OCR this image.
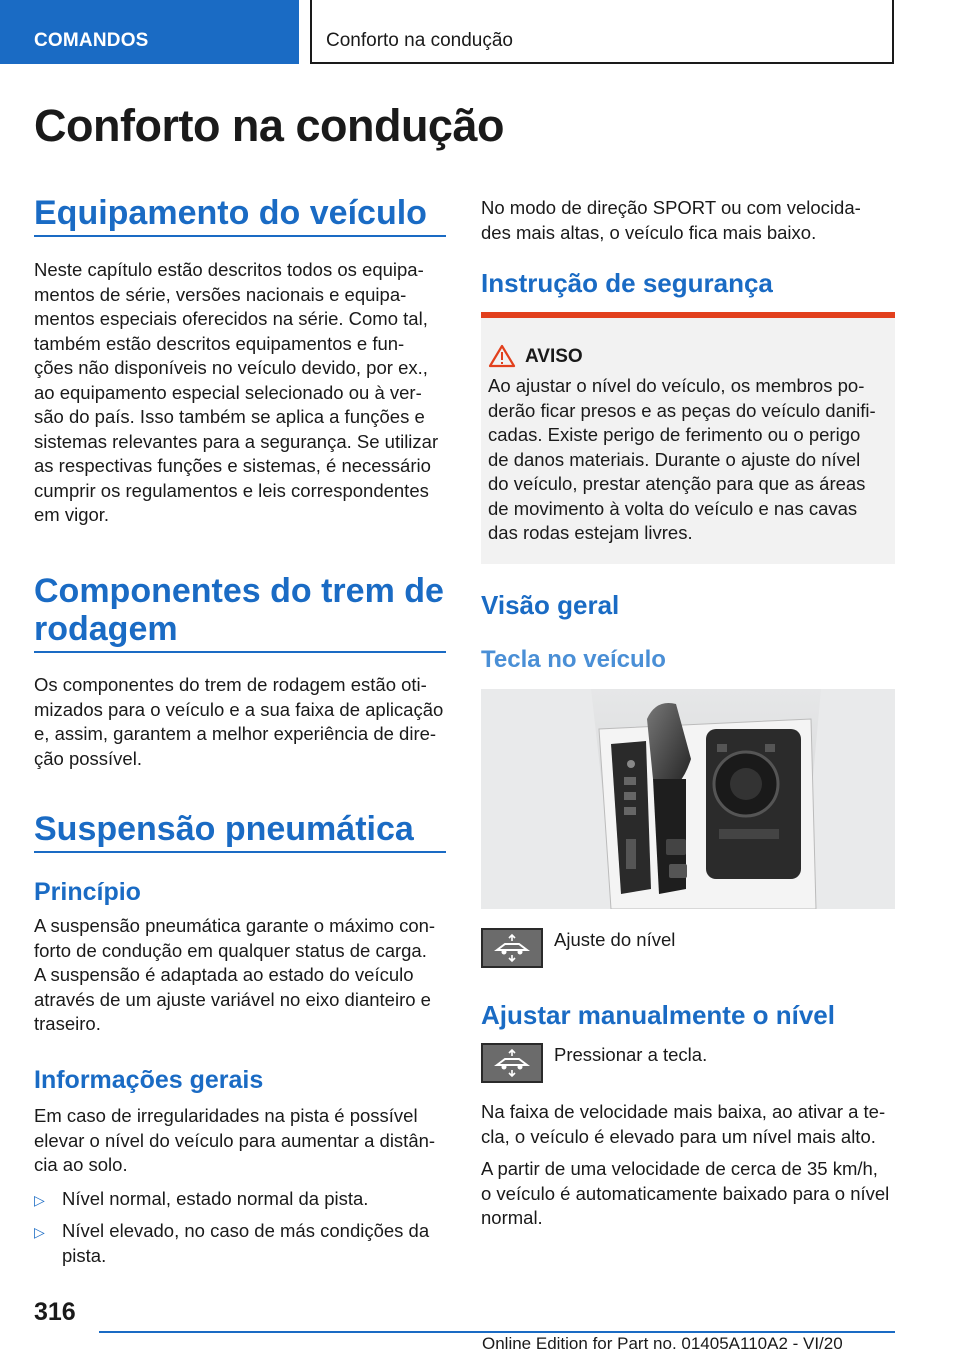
COMANDOS	Conforto na condução
Conforto na condução
Equipamento do veículo
Neste capítulo estão descritos todos os equipa-
mentos de série, versões nacionais e equipa-
mentos especiais oferecidos na série. Como tal,
também estão descritos equipamentos e fun-
ções não disponíveis no veículo devido, por ex.,
ao equipamento especial selecionado ou à ver-
são do país. Isso também se aplica a funções e
sistemas relevantes para a segurança. Se utilizar
as respectivas funções e sistemas, é necessário
cumprir os regulamentos e leis correspondentes
em vigor.
Componentes do trem de
rodagem
Os componentes do trem de rodagem estão oti-
mizados para o veículo e a sua faixa de aplicação
e, assim, garantem a melhor experiência de dire-
ção possível.
Suspensão pneumática
Princípio
A suspensão pneumática garante o máximo con-
forto de condução em qualquer status de carga.
A suspensão é adaptada ao estado do veículo
através de um ajuste variável no eixo dianteiro e
traseiro.
Informações gerais
Em caso de irregularidades na pista é possível
elevar o nível do veículo para aumentar a distân-
cia ao solo.
▷ Nível normal, estado normal da pista.
▷ Nível elevado, no caso de más condições da
pista.
No modo de direção SPORT ou com velocida-
des mais altas, o veículo fica mais baixo.
Instrução de segurança
AVISO
Ao ajustar o nível do veículo, os membros po-
derão ficar presos e as peças do veículo danifi-
cadas. Existe perigo de ferimento ou o perigo
de danos materiais. Durante o ajuste do nível
do veículo, prestar atenção para que as áreas
de movimento à volta do veículo e nas cavas
das rodas estejam livres.
Visão geral
Tecla no veículo
Ajuste do nível
Ajustar manualmente o nível
Pressionar a tecla.
Na faixa de velocidade mais baixa, ao ativar a te-
cla, o veículo é elevado para um nível mais alto.
A partir de uma velocidade de cerca de 35 km/h,
o veículo é automaticamente baixado para o nível
normal.
316
Online Edition for Part no. 01405A110A2 - VI/20
